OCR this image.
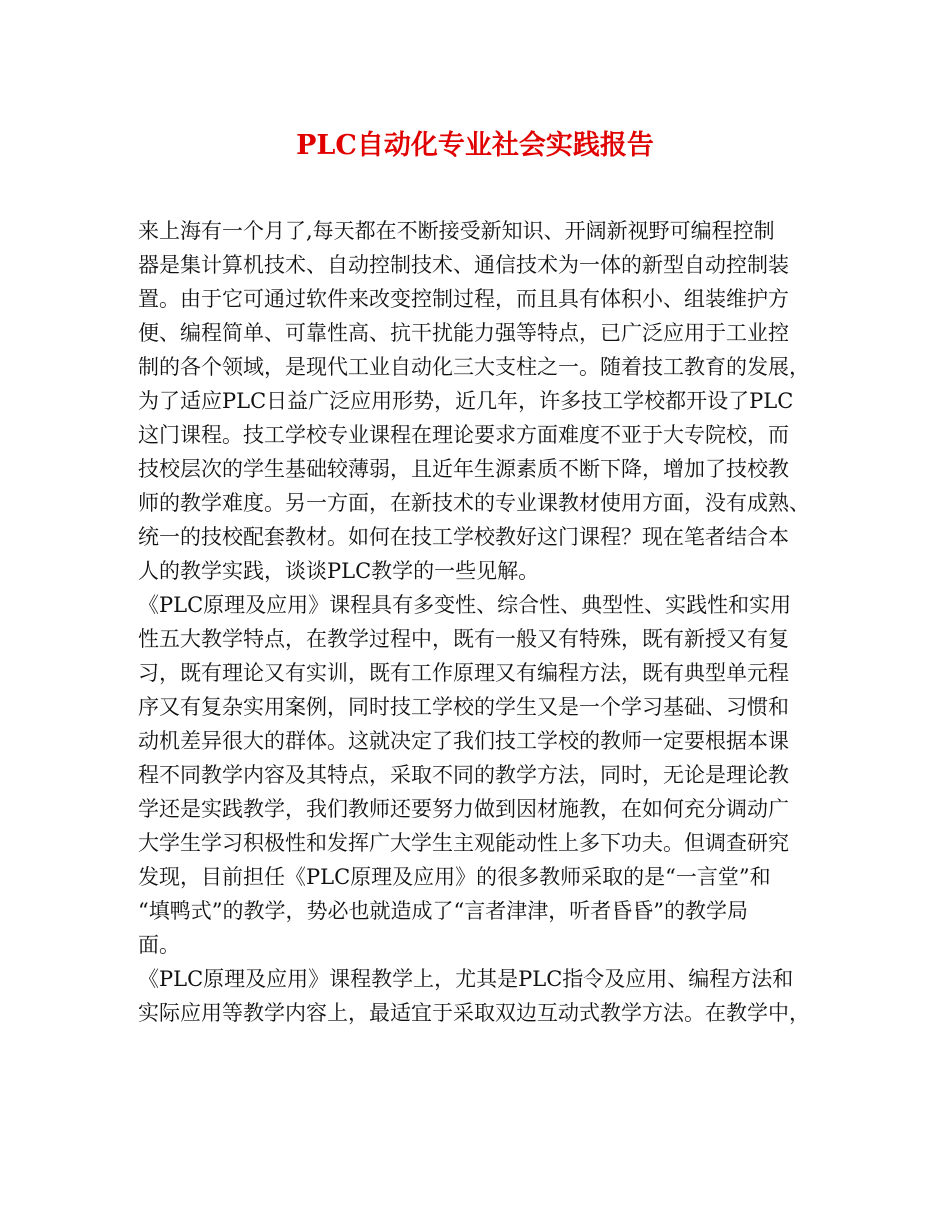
PLC自动化专业社会实践报告
来上海有一个月了,每天都在不断接受新知识、开阔新视野可编程控制
器是集计算机技术、自动控制技术、通信技术为一体的新型自动控制装
置。由于它可通过软件来改变控制过程，而且具有体积小、组装维护方
便、编程简单、可靠性高、抗干扰能力强等特点，已广泛应用于工业控
制的各个领域，是现代工业自动化三大支柱之一。随着技工教育的发展，
为了适应PLC日益广泛应用形势，近几年，许多技工学校都开设了PLC
这门课程。技工学校专业课程在理论要求方面难度不亚于大专院校，而
技校层次的学生基础较薄弱，且近年生源素质不断下降，增加了技校教
师的教学难度。另一方面，在新技术的专业课教材使用方面，没有成熟、
统一的技校配套教材。如何在技工学校教好这门课程？现在笔者结合本
人的教学实践，谈谈PLC教学的一些见解。
《PLC原理及应用》课程具有多变性、综合性、典型性、实践性和实用
性五大教学特点，在教学过程中，既有一般又有特殊，既有新授又有复
习，既有理论又有实训，既有工作原理又有编程方法，既有典型单元程
序又有复杂实用案例，同时技工学校的学生又是一个学习基础、习惯和
动机差异很大的群体。这就决定了我们技工学校的教师一定要根据本课
程不同教学内容及其特点，采取不同的教学方法，同时，无论是理论教
学还是实践教学，我们教师还要努力做到因材施教，在如何充分调动广
大学生学习积极性和发挥广大学生主观能动性上多下功夫。但调查研究
发现，目前担任《PLC原理及应用》的很多教师采取的是“一言堂”和
“填鸭式”的教学，势必也就造成了“言者津津，听者昏昏”的教学局
面。
《PLC原理及应用》课程教学上，尤其是PLC指令及应用、编程方法和
实际应用等教学内容上，最适宜于采取双边互动式教学方法。在教学中，
